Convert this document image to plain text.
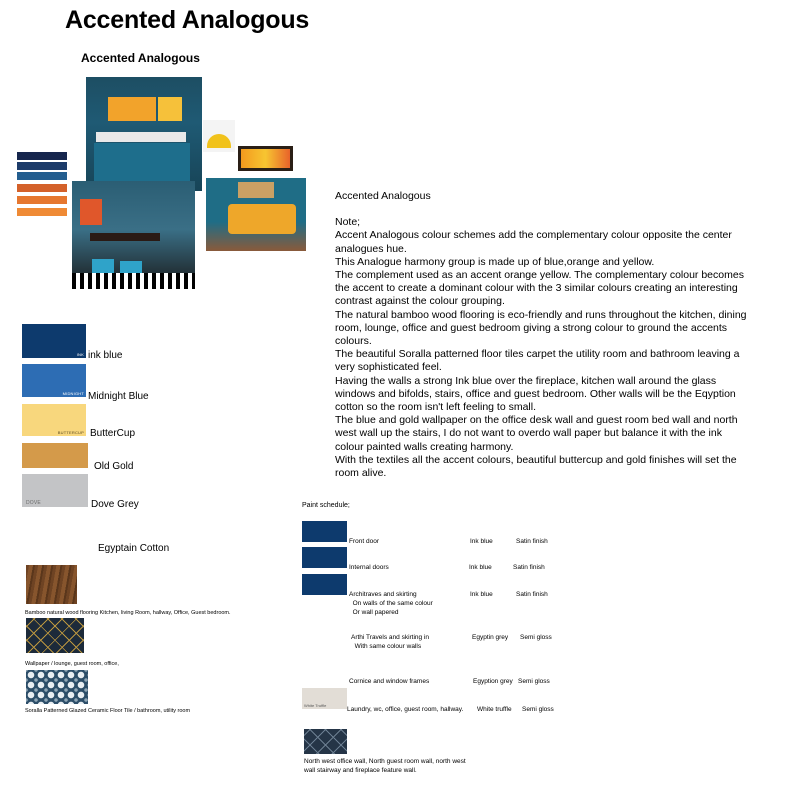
Accented Analogous
Accented Analogous
INK ink blue
MIDNIGHT Midnight Blue
BUTTERCUP ButterCup
Old Gold
DOVE	Dove Grey
Egyptain Cotton
Bamboo natural wood flooring Kitchen, living Room, hallway, Office, Guest bedroom.
Wallpaper / lounge, guest room, office,
Soralla Patterned Glazed Ceramic Floor Tile / bathroom, utility room

Accented Analogous

Note;

Accent Analogous colour schemes add the complementary colour opposite the center analogues hue.

This Analogue harmony group is made up of blue,orange and yellow.

The complement used as an accent orange yellow. The complementary colour becomes the accent to create a dominant colour with the 3 similar colours creating an interesting contrast against the colour grouping.

The natural bamboo wood flooring is eco-friendly and runs throughout the kitchen, dining room, lounge, office and guest bedroom giving a strong colour to ground the accents colours.

The beautiful Soralla patterned floor tiles carpet the utility room and bathroom leaving a very sophisticated feel.

Having the walls a strong Ink blue over the fireplace, kitchen wall around the glass windows and bifolds, stairs, office and guest bedroom. Other walls will be the Eqyption cotton so the room isn't left feeling to small.

The blue and gold wallpaper on the office desk wall and guest room bed wall and north west wall up the stairs, I do not want to overdo wall paper but balance it with the ink colour painted walls creating harmony.

With the textiles all the accent colours, beautiful buttercup and gold finishes will set the room alive.

Paint schedule;
White Truffle
Front door	Ink blue	Satin finish
Internal doors	Ink blue	Satin finish
Architraves and skirting
On walls of the same colour
Or wall papered
Ink blue	Satin finish
Arthi Travels and skirting in
With same colour walls
Egyptin grey Semi gloss
Cornice and window frames	Egyption grey Semi gloss
Laundry, wc, office, guest room, hallway. White truffle Semi gloss
North west office wall, North guest room wall, north west
wall stairway and fireplace feature wall.
